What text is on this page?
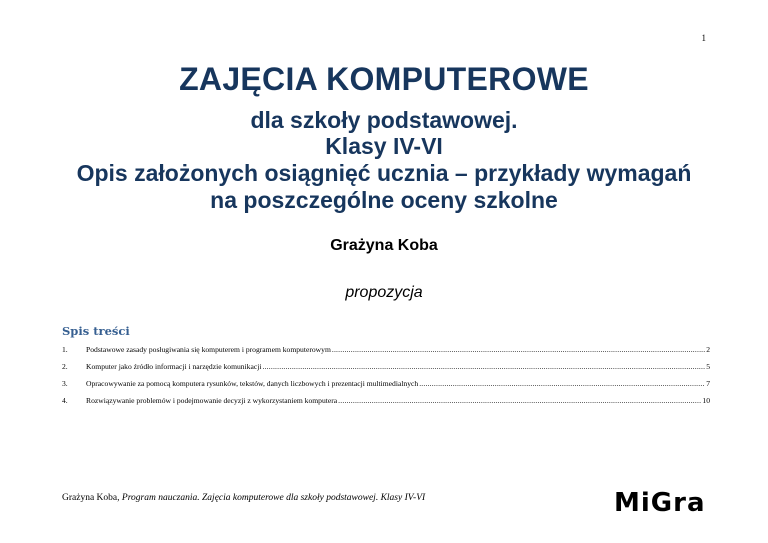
1
ZAJĘCIA KOMPUTEROWE
dla szkoły podstawowej.
Klasy IV-VI
Opis założonych osiągnięć ucznia – przykłady wymagań
na poszczególne oceny szkolne
Grażyna Koba
propozycja
Spis treści
1.	Podstawowe zasady posługiwania się komputerem i programem komputerowym .....	2
2.	Komputer jako źródło informacji i narzędzie komunikacji .....	5
3.	Opracowywanie za pomocą komputera rysunków, tekstów, danych liczbowych i prezentacji multimedialnych .....	7
4.	Rozwiązywanie problemów i podejmowanie decyzji z wykorzystaniem komputera .....	10
Grażyna Koba, Program nauczania. Zajęcia komputerowe dla szkoły podstawowej. Klasy IV-VI	MiGra
